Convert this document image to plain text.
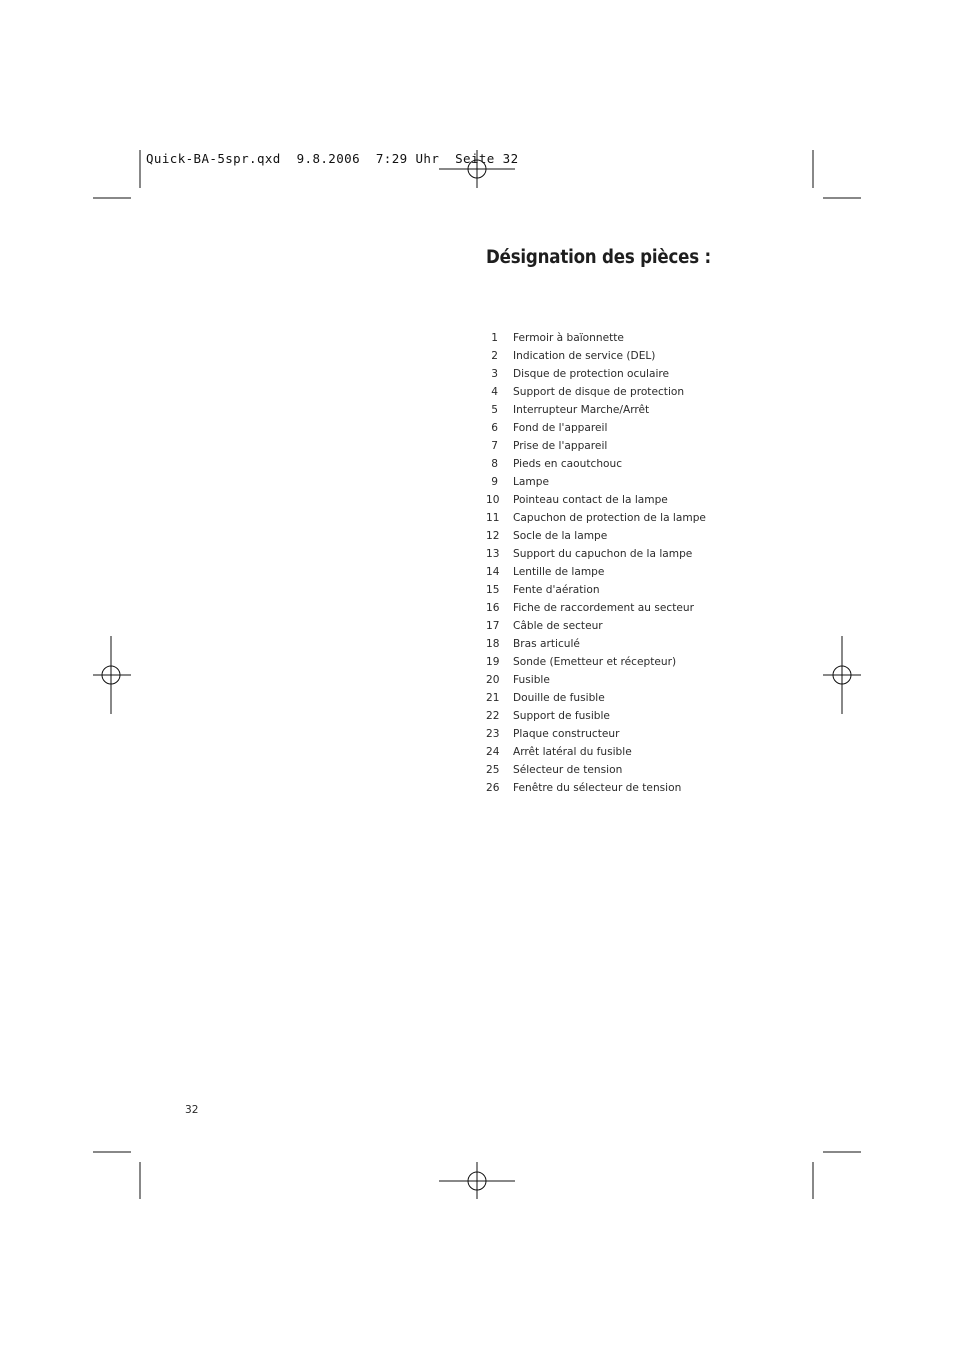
Quick-BA-5spr.qxd  9.8.2006  7:29 Uhr  Seite 32
Désignation des pièces :
1 Fermoir à baïonnette
2 Indication de service (DEL)
3 Disque de protection oculaire
4 Support de disque de protection
5 Interrupteur Marche/Arrêt
6 Fond de l'appareil
7 Prise de l'appareil
8 Pieds en caoutchouc
9 Lampe
10 Pointeau contact de la lampe
11 Capuchon de protection de la lampe
12 Socle de la lampe
13 Support du capuchon de la lampe
14 Lentille de lampe
15 Fente d'aération
16 Fiche de raccordement au secteur
17 Câble de secteur
18 Bras articulé
19 Sonde (Emetteur et récepteur)
20 Fusible
21 Douille de fusible
22 Support de fusible
23 Plaque constructeur
24 Arrêt latéral du fusible
25 Sélecteur de tension
26 Fenêtre du sélecteur de tension
32
